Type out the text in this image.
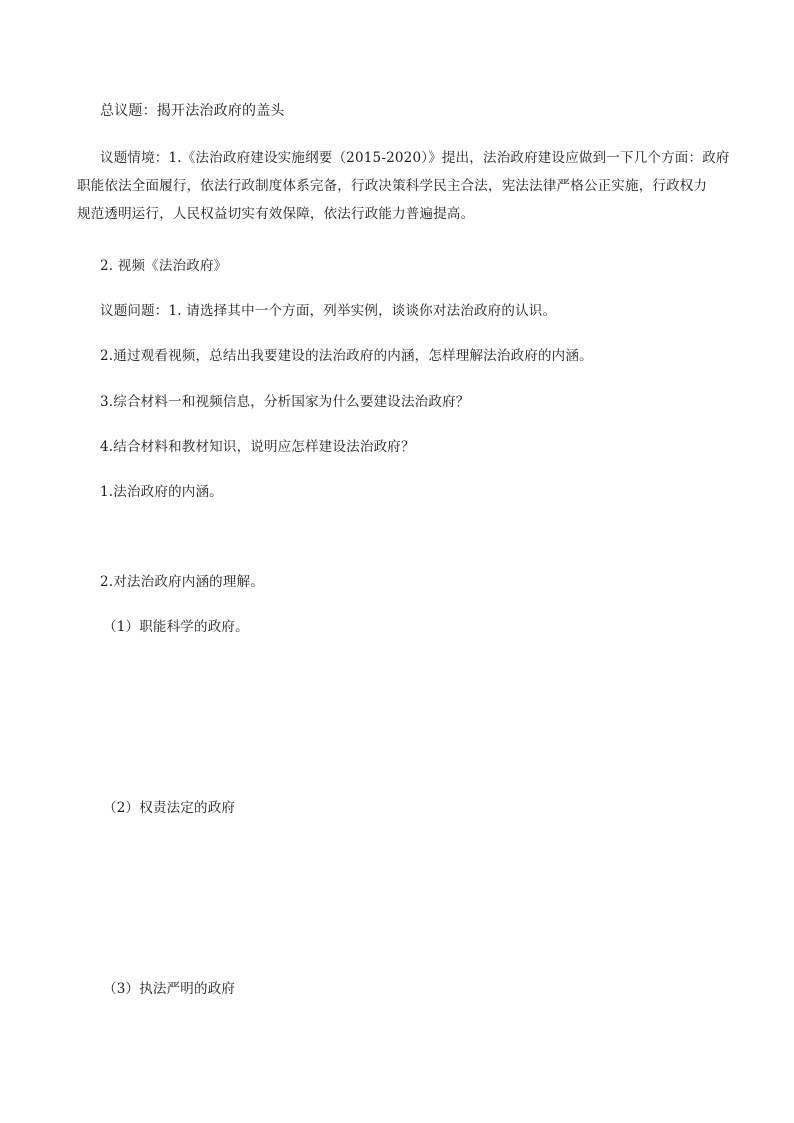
总议题：揭开法治政府的盖头
议题情境：1.《法治政府建设实施纲要（2015-2020）》提出，法治政府建设应做到一下几个方面：政府
职能依法全面履行，依法行政制度体系完备，行政决策科学民主合法，宪法法律严格公正实施，行政权力
规范透明运行，人民权益切实有效保障，依法行政能力普遍提高。
2. 视频《法治政府》
议题问题：1. 请选择其中一个方面，列举实例，谈谈你对法治政府的认识。
2.通过观看视频，总结出我要建设的法治政府的内涵，怎样理解法治政府的内涵。
3.综合材料一和视频信息，分析国家为什么要建设法治政府？
4.结合材料和教材知识，说明应怎样建设法治政府？
1.法治政府的内涵。
2.对法治政府内涵的理解。
（1）职能科学的政府。
（2）权责法定的政府
（3）执法严明的政府
